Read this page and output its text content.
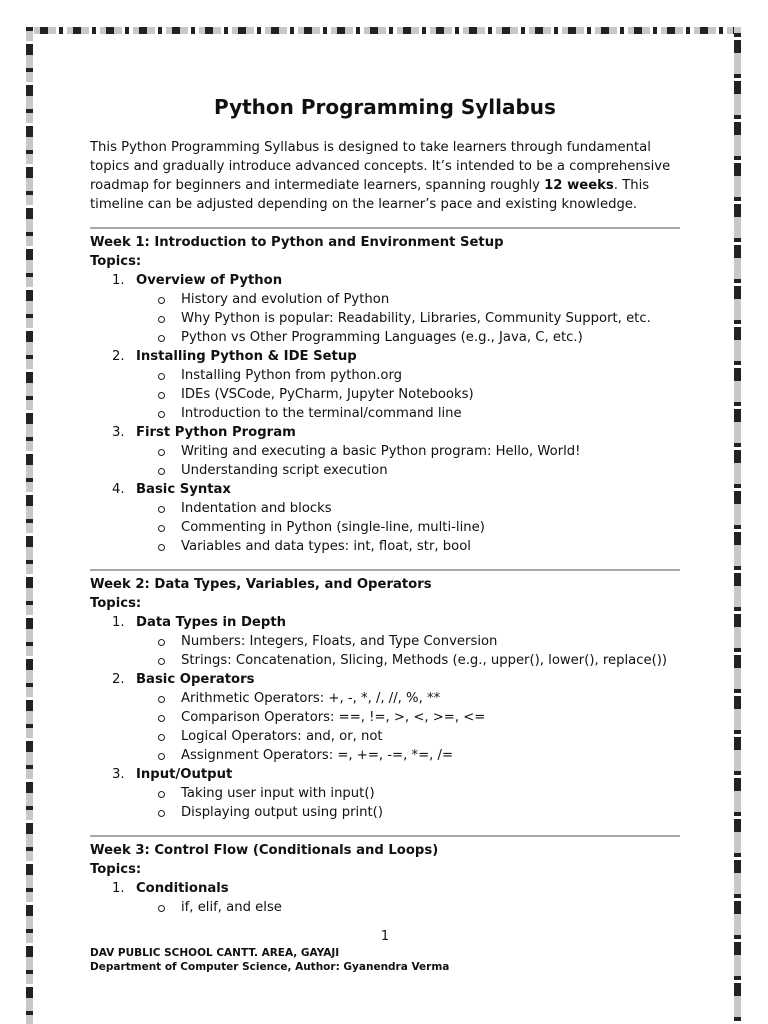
Python Programming Syllabus

This Python Programming Syllabus is designed to take learners through fundamental topics and gradually introduce advanced concepts. It’s intended to be a comprehensive roadmap for beginners and intermediate learners, spanning roughly 12 weeks. This timeline can be adjusted depending on the learner’s pace and existing knowledge.

Week 1: Introduction to Python and Environment Setup
Topics:
1. Overview of Python
History and evolution of Python
Why Python is popular: Readability, Libraries, Community Support, etc.
Python vs Other Programming Languages (e.g., Java, C, etc.)
2. Installing Python & IDE Setup
Installing Python from python.org
IDEs (VSCode, PyCharm, Jupyter Notebooks)
Introduction to the terminal/command line
3. First Python Program
Writing and executing a basic Python program: Hello, World!
Understanding script execution
4. Basic Syntax
Indentation and blocks
Commenting in Python (single-line, multi-line)
Variables and data types: int, float, str, bool
Week 2: Data Types, Variables, and Operators
Topics:
1. Data Types in Depth
Numbers: Integers, Floats, and Type Conversion
Strings: Concatenation, Slicing, Methods (e.g., upper(), lower(), replace())
2. Basic Operators
Arithmetic Operators: +, -, *, /, //, %, **
Comparison Operators: ==, !=, >, <, >=, <=
Logical Operators: and, or, not
Assignment Operators: =, +=, -=, *=, /=
3. Input/Output
Taking user input with input()
Displaying output using print()
Week 3: Control Flow (Conditionals and Loops)
Topics:
1. Conditionals
if, elif, and else
1
DAV PUBLIC SCHOOL CANTT. AREA, GAYAJI
Department of Computer Science, Author: Gyanendra Verma
